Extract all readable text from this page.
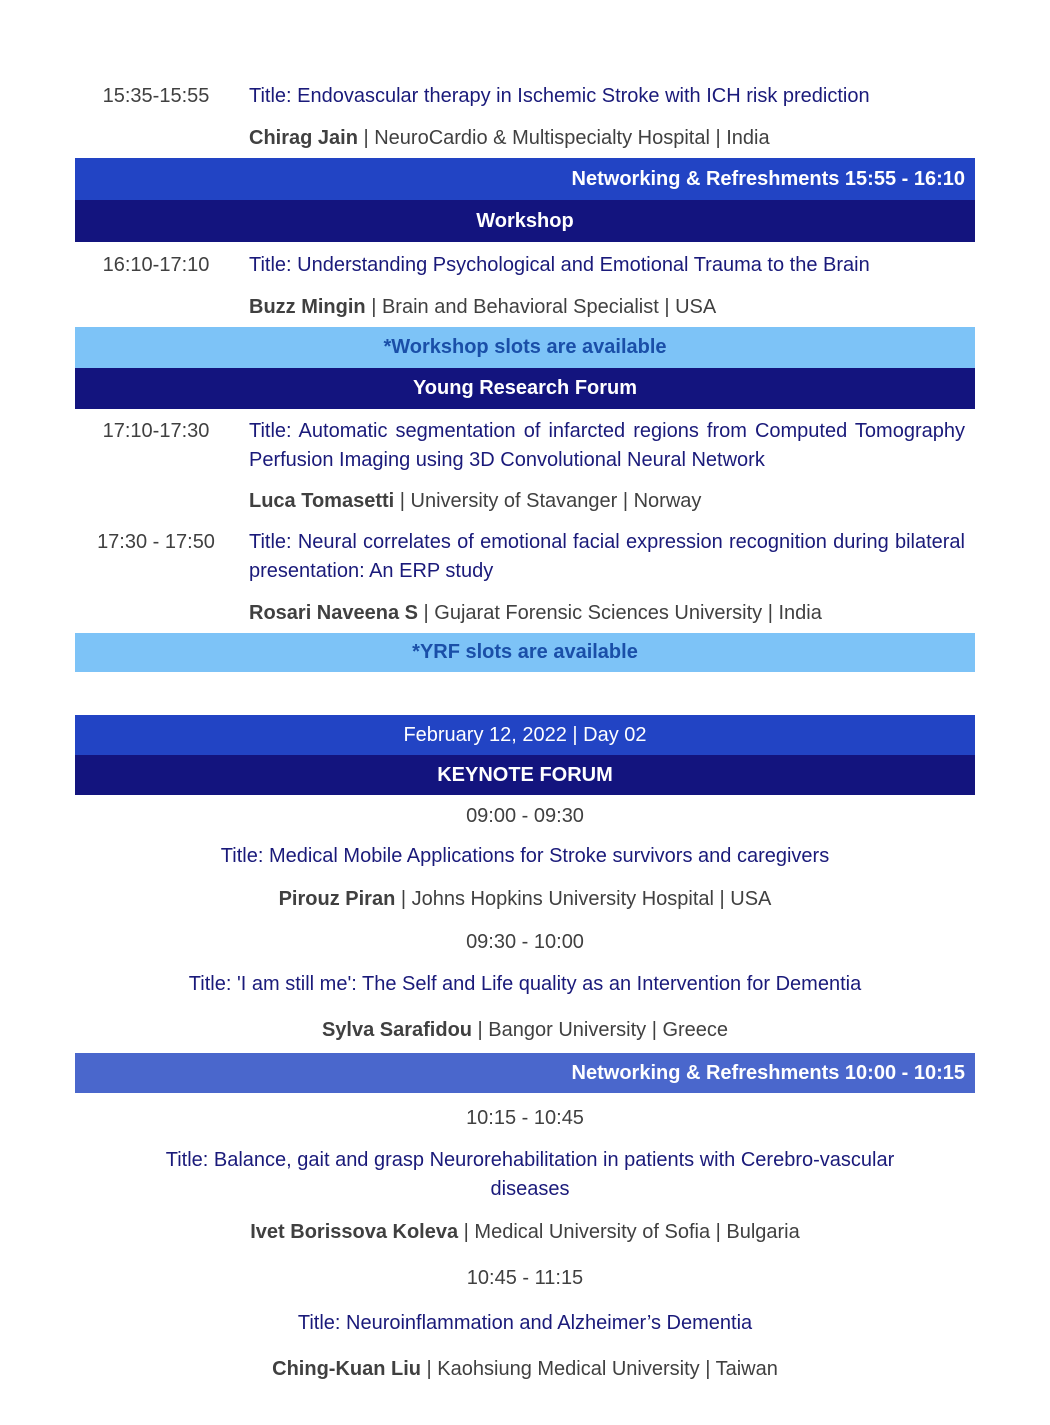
15:35-15:55	Title: Endovascular therapy in Ischemic Stroke with ICH risk prediction
Chirag Jain | NeuroCardio & Multispecialty Hospital | India
Networking & Refreshments 15:55 - 16:10
Workshop
16:10-17:10	Title: Understanding Psychological and Emotional Trauma to the Brain
Buzz Mingin | Brain and Behavioral Specialist | USA
*Workshop slots are available
Young Research Forum
17:10-17:30	Title: Automatic segmentation of infarcted regions from Computed Tomography Perfusion Imaging using 3D Convolutional Neural Network
Luca Tomasetti | University of Stavanger | Norway
17:30 - 17:50	Title: Neural correlates of emotional facial expression recognition during bilateral presentation: An ERP study
Rosari Naveena S | Gujarat Forensic Sciences University | India
*YRF slots are available
February 12, 2022 | Day 02
KEYNOTE FORUM
09:00 - 09:30
Title: Medical Mobile Applications for Stroke survivors and caregivers
Pirouz Piran | Johns Hopkins University Hospital | USA
09:30 - 10:00
Title: 'I am still me': The Self and Life quality as an Intervention for Dementia
Sylva Sarafidou | Bangor University | Greece
Networking & Refreshments 10:00 - 10:15
10:15 - 10:45
Title: Balance, gait and grasp Neurorehabilitation in patients with Cerebro-vascular diseases
Ivet Borissova Koleva | Medical University of Sofia | Bulgaria
10:45 - 11:15
Title: Neuroinflammation and Alzheimer’s Dementia
Ching-Kuan Liu | Kaohsiung Medical University | Taiwan
